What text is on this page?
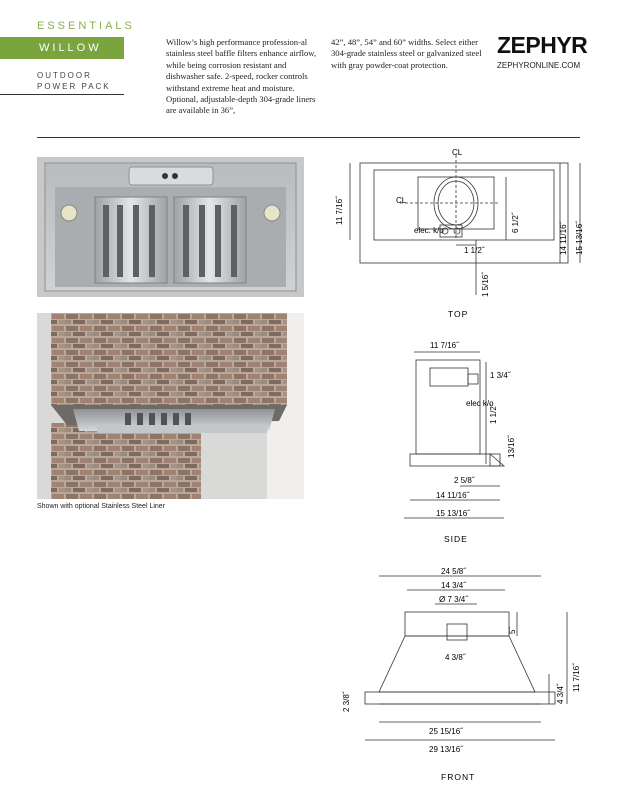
ESSENTIALS
WILLOW
OUTDOOR POWER PACK
Willow’s high performance profession-al stainless steel baffle filters enhance airflow, while being corrosion resistant and dishwasher safe. 2-speed, rocker controls withstand extreme heat and moisture. Optional, adjustable-depth 304-grade liners are available in 36”,
42”, 48”, 54” and 60” widths. Select either 304-grade stainless steel or galvanized steel with gray powder-coat protection.
ZEPHYR
ZEPHYRONLINE.COM
Shown with optional Stainless Steel Liner
CL
CL
11 7/16˝	6 1/2˝	14 11/16˝ 15 13/16˝
elec. k/o
1 1/2˝
1 5/16˝
TOP
11 7/16˝
1 3/4˝
elec k/o
1 1/2˝
13/16˝
2 5/8˝
14 11/16˝
15 13/16˝
SIDE
24 5/8˝
14 3/4˝
Ø 7 3/4˝
5˝
4 3/8˝
11 7/16˝
4 3/4˝
2 3/8˝
25 15/16˝
29 13/16˝
FRONT
